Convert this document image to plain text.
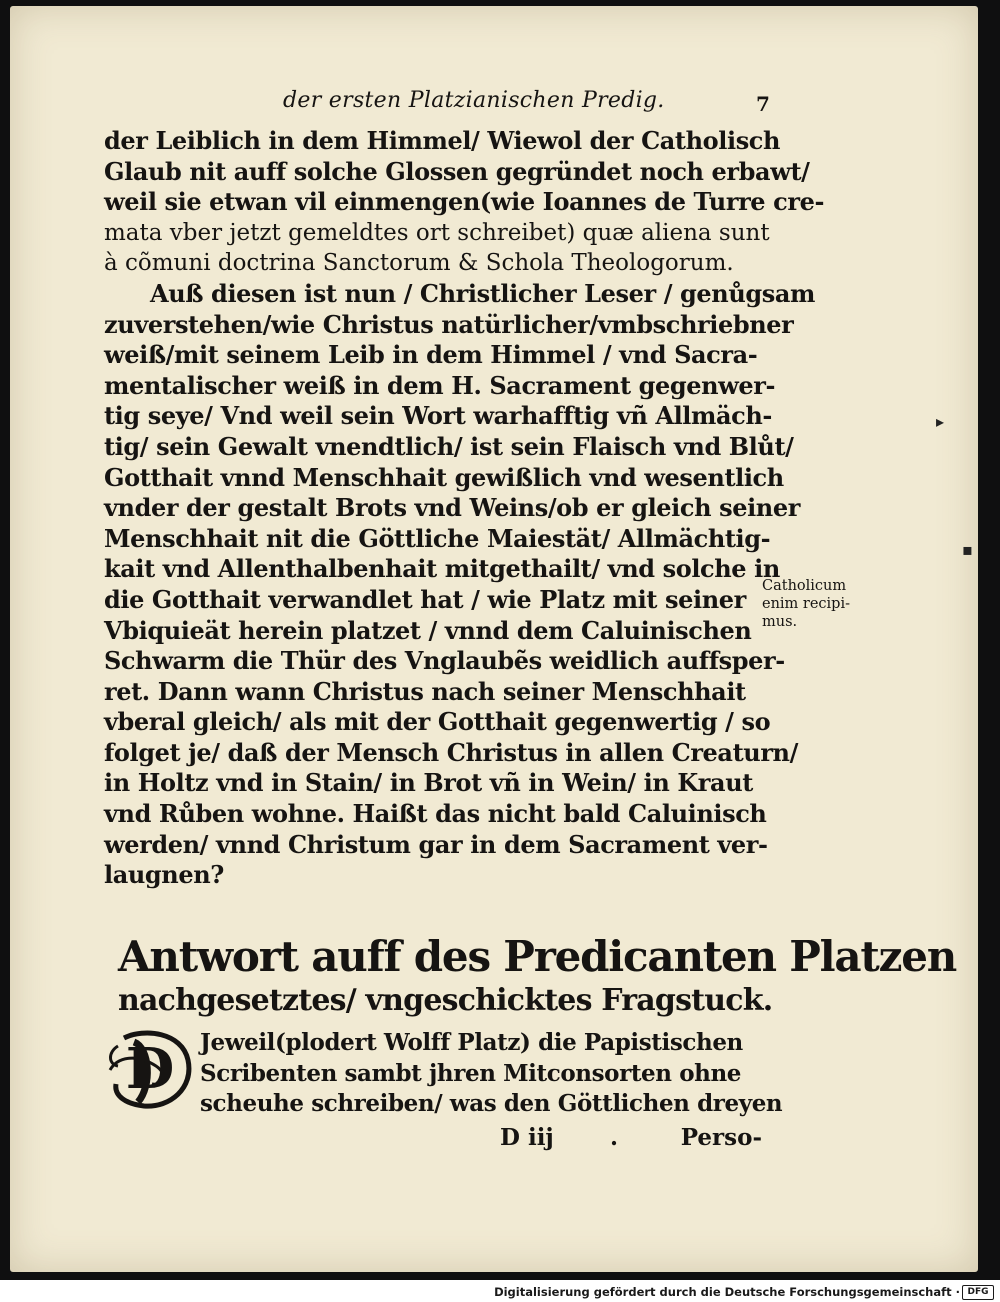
der ersten Platzianischen Predig.	7
der Leiblich in dem Himmel/ Wiewol der Catholisch
Glaub nit auff solche Glossen gegründet noch erbawt/
weil sie etwan vil einmengen(wie Ioannes de Turre cre-
mata vber jetzt gemeldtes ort schreibet) quæ aliena sunt
à cõmuni doctrina Sanctorum & Schola Theologorum.
Auß diesen ist nun / Christlicher Leser / genůgsam
zuverstehen/wie Christus natürlicher/vmbschriebner
weiß/mit seinem Leib in dem Himmel / vnd Sacra-
mentalischer weiß in dem H. Sacrament gegenwer-
tig seye/ Vnd weil sein Wort warhafftig vñ Allmäch-
tig/ sein Gewalt vnendtlich/ ist sein Flaisch vnd Blůt/
Gotthait vnnd Menschhait gewißlich vnd wesentlich
vnder der gestalt Brots vnd Weins/ob er gleich seiner
Menschhait nit die Göttliche Maiestät/ Allmächtig-
kait vnd Allenthalbenhait mitgethailt/ vnd solche in
die Gotthait verwandlet hat / wie Platz mit seiner
Vbiquieät herein platzet / vnnd dem Caluinischen
Schwarm die Thür des Vnglaubẽs weidlich auffsper-
ret. Dann wann Christus nach seiner Menschhait
vberal gleich/ als mit der Gotthait gegenwertig / so
folget je/ daß der Mensch Christus in allen Creaturn/
in Holtz vnd in Stain/ in Brot vñ in Wein/ in Kraut
vnd Růben wohne. Haißt das nicht bald Caluinisch
werden/ vnnd Christum gar in dem Sacrament ver-
laugnen?
Catholicum
enim recipi-
mus.
▸
▪
Antwort auff des Predicanten Platzen
nachgesetztes/ vngeschicktes Fragstuck.
D Jeweil(plodert Wolff Platz) die Papistischen
Scribenten sambt jhren Mitconsorten ohne
scheuhe schreiben/ was den Göttlichen dreyen
D iij .	Perso-
Digitalisierung gefördert durch die Deutsche Forschungsgemeinschaft · DFG
